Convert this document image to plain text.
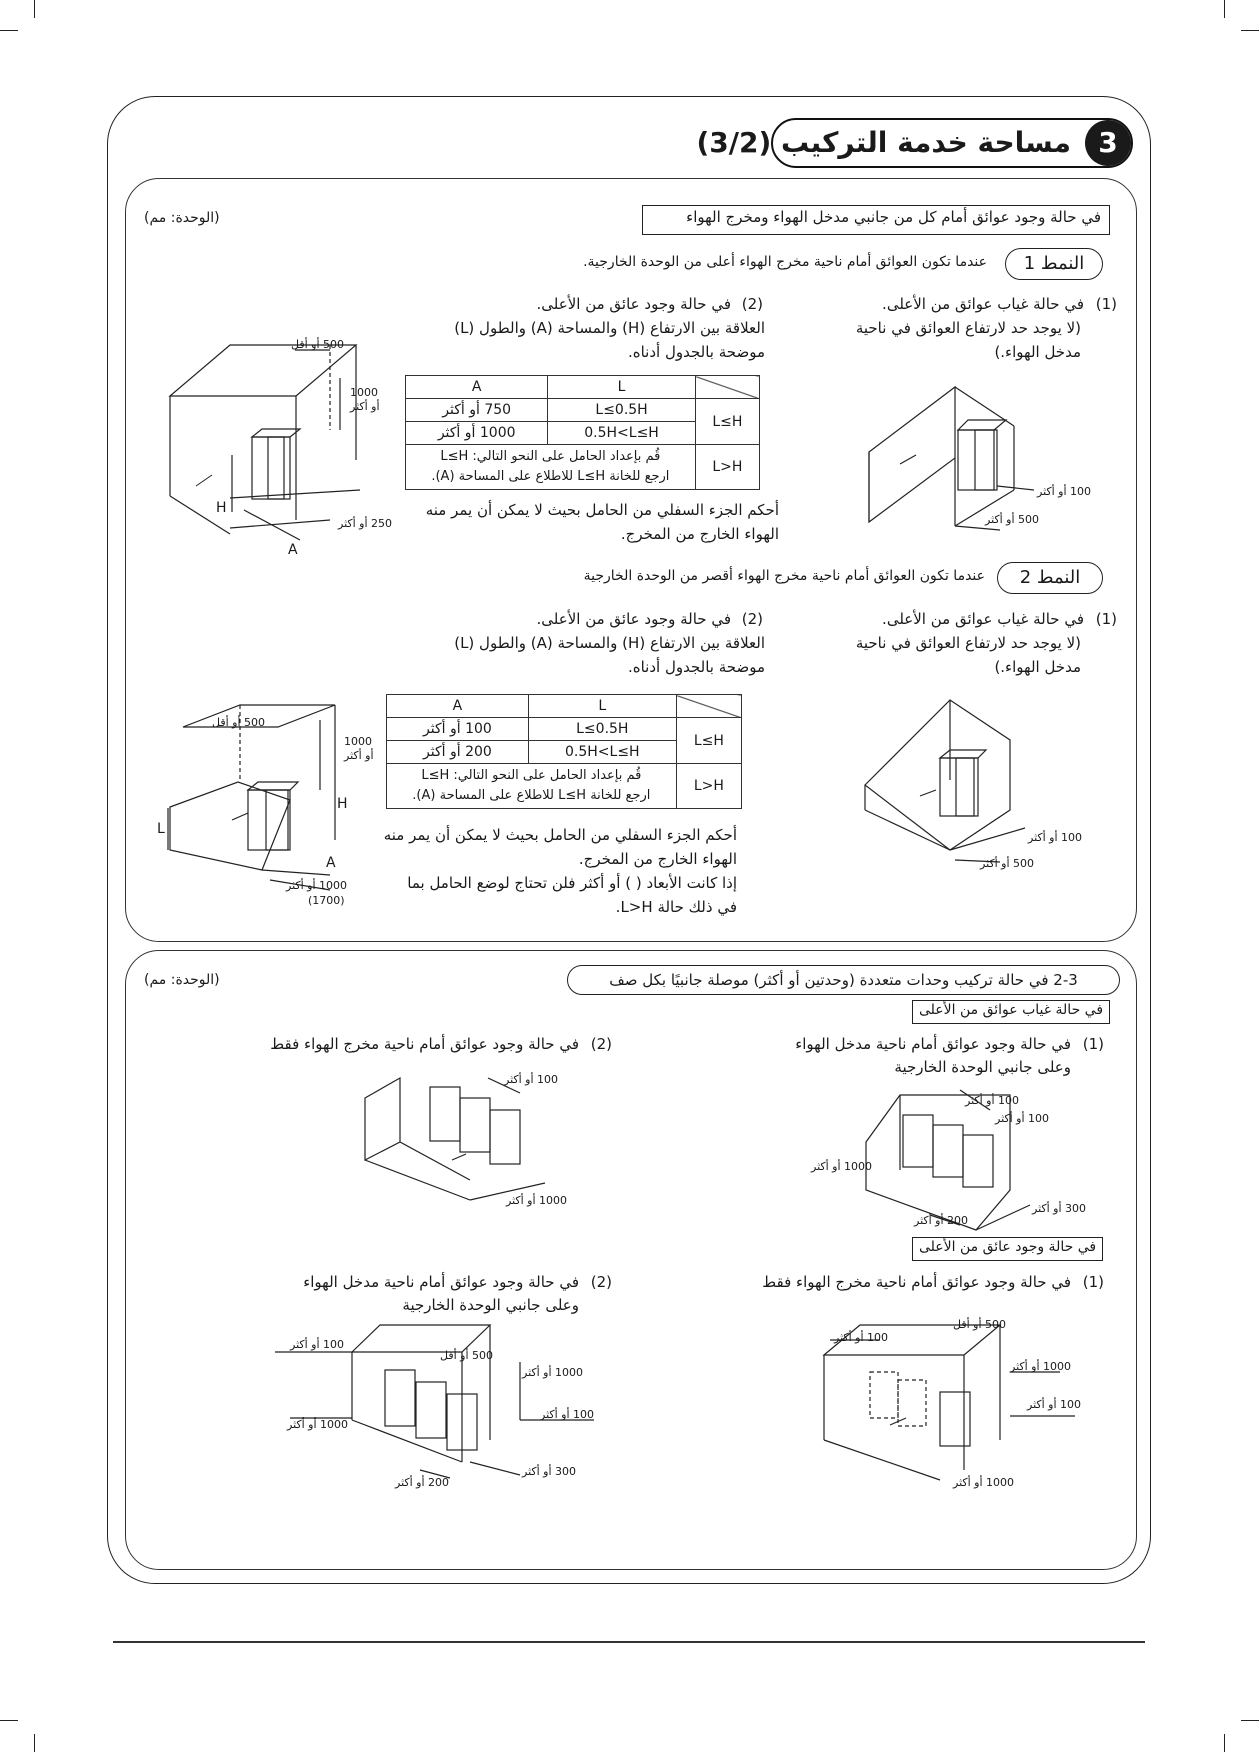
مساحة خدمة التركيب (3/2) 3
(الوحدة: مم)	في حالة وجود عوائق أمام كل من جانبي مدخل الهواء ومخرج الهواء
النمط 1
عندما تكون العوائق أمام ناحية مخرج الهواء أعلى من الوحدة الخارجية.
(1)
في حالة غياب عوائق من الأعلى.
(لا يوجد حد لارتفاع العوائق في ناحية
مدخل الهواء.)
(2)
في حالة وجود عائق من الأعلى.
العلاقة بين الارتفاع (H) والمساحة (A) والطول (L)
موضحة بالجدول أدناه.
A	L	
750 أو أكثر	L≤0.5H	L≤H
1000 أو أكثر	0.5H<L≤H	

قُم بإعداد الحامل على النحو التالي: L≤H
ارجع للخانة L≤H للاطلاع على المساحة (A).		L>H
أحكم الجزء السفلي من الحامل بحيث لا يمكن أن يمر منه
الهواء الخارج من المخرج.
500 أو أقل
1000
أو أكثر
H
250 أو أكثر
A
100 أو أكثر
500 أو أكثر
النمط 2
عندما تكون العوائق أمام ناحية مخرج الهواء أقصر من الوحدة الخارجية
(1)
في حالة غياب عوائق من الأعلى.
(لا يوجد حد لارتفاع العوائق في ناحية
مدخل الهواء.)
(2)
في حالة وجود عائق من الأعلى.
العلاقة بين الارتفاع (H) والمساحة (A) والطول (L)
موضحة بالجدول أدناه.
A	L	
100 أو أكثر	L≤0.5H	L≤H
200 أو أكثر	0.5H<L≤H	

قُم بإعداد الحامل على النحو التالي: L≤H
ارجع للخانة L≤H للاطلاع على المساحة (A).		L>H
أحكم الجزء السفلي من الحامل بحيث لا يمكن أن يمر منه
الهواء الخارج من المخرج.
إذا كانت الأبعاد ( ) أو أكثر فلن تحتاج لوضع الحامل بما
في ذلك حالة L>H.
500 أو أقل
1000
أو أكثر
H
L
A
1000 أو أكثر
(1700)
100 أو أكثر
500 أو أكثر
(الوحدة: مم)	2-3 في حالة تركيب وحدات متعددة (وحدتين أو أكثر) موصلة جانبيًا بكل صف
في حالة غياب عوائق من الأعلى
(1)
في حالة وجود عوائق أمام ناحية مدخل الهواء
وعلى جانبي الوحدة الخارجية
(2)
في حالة وجود عوائق أمام ناحية مخرج الهواء فقط
100 أو أكثر
100 أو أكثر
1000 أو أكثر
300 أو أكثر
200 أو أكثر
100 أو أكثر
1000 أو أكثر
في حالة وجود عائق من الأعلى
(1)
في حالة وجود عوائق أمام ناحية مخرج الهواء فقط
(2)
في حالة وجود عوائق أمام ناحية مدخل الهواء
وعلى جانبي الوحدة الخارجية
500 أو أقل
100 أو أكثر
1000 أو أكثر
100 أو أكثر
1000 أو أكثر
100 أو أكثر
500 أو أقل
1000 أو أكثر
1000 أو أكثر
100 أو أكثر
300 أو أكثر
200 أو أكثر
